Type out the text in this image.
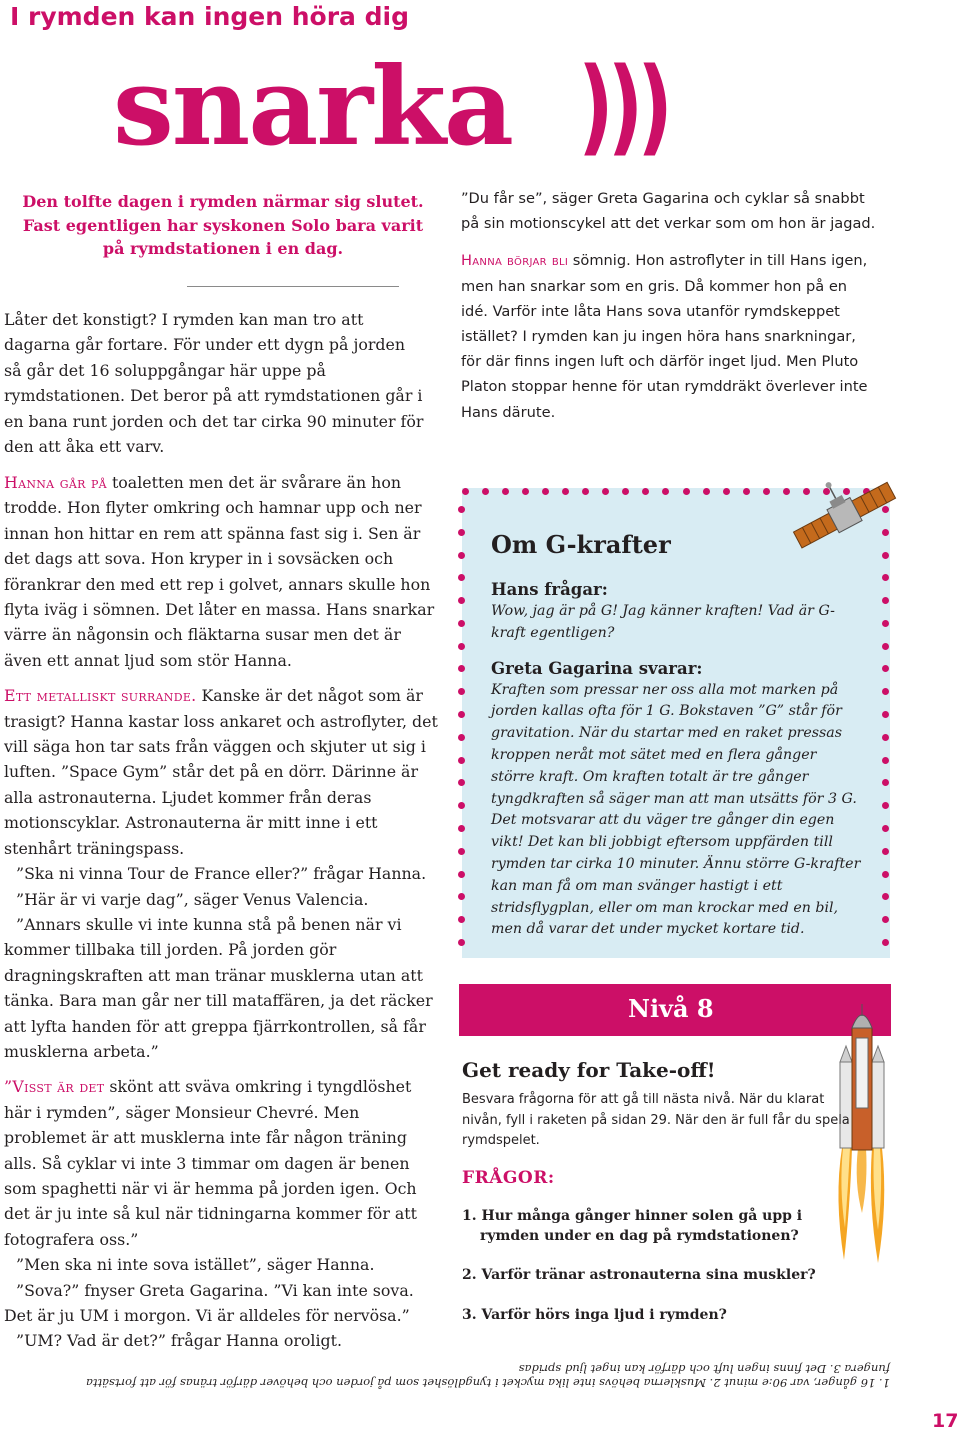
I rymden kan ingen höra dig
snarka )))
Den tolfte dagen i rymden närmar sig slutet. Fast egentligen har syskonen Solo bara varit på rymdstationen i en dag.

Låter det konstigt? I rymden kan man tro att dagarna går fortare. För under ett dygn på jorden så går det 16 soluppgångar här uppe på rymdstationen. Det beror på att rymdstationen går i en bana runt jorden och det tar cirka 90 minuter för den att åka ett varv.

Hanna går på toaletten men det är svårare än hon trodde. Hon flyter omkring och hamnar upp och ner innan hon hittar en rem att spänna fast sig i. Sen är det dags att sova. Hon kryper in i sovsäcken och förankrar den med ett rep i golvet, annars skulle hon flyta iväg i sömnen. Det låter en massa. Hans snarkar värre än någonsin och fläktarna susar men det är även ett annat ljud som stör Hanna.

Ett metalliskt surrande. Kanske är det något som är trasigt? Hanna kastar loss ankaret och astroflyter, det vill säga hon tar sats från väggen och skjuter ut sig i luften. ”Space Gym” står det på en dörr. Därinne är alla astronauterna. Ljudet kommer från deras motionscyklar. Astronauterna är mitt inne i ett stenhårt träningspass.

”Ska ni vinna Tour de France eller?” frågar Hanna.

”Här är vi varje dag”, säger Venus Valencia.

”Annars skulle vi inte kunna stå på benen när vi kommer tillbaka till jorden. På jorden gör dragningskraften att man tränar musklerna utan att tänka. Bara man går ner till mataffären, ja det räcker att lyfta handen för att greppa fjärrkontrollen, så får musklerna arbeta.”

”Visst är det skönt att sväva omkring i tyngdlöshet här i rymden”, säger Monsieur Chevré. Men problemet är att musklerna inte får någon träning alls. Så cyklar vi inte 3 timmar om dagen är benen som spaghetti när vi är hemma på jorden igen. Och det är ju inte så kul när tidningarna kommer för att fotografera oss.”

”Men ska ni inte sova istället”, säger Hanna.

”Sova?” fnyser Greta Gagarina. ”Vi kan inte sova. Det är ju UM i morgon. Vi är alldeles för nervösa.”

”UM? Vad är det?” frågar Hanna oroligt.

”Du får se”, säger Greta Gagarina och cyklar så snabbt på sin motionscykel att det verkar som om hon är jagad.

Hanna börjar bli sömnig. Hon astroflyter in till Hans igen, men han snarkar som en gris. Då kommer hon på en idé. Varför inte låta Hans sova utanför rymdskeppet istället? I rymden kan ju ingen höra hans snarkningar, för där finns ingen luft och därför inget ljud. Men Pluto Platon stoppar henne för utan rymddräkt överlever inte Hans därute.

Om G-krafter
Hans frågar:
Wow, jag är på G! Jag känner kraften! Vad är G-kraft egentligen?
Greta Gagarina svarar:
Kraften som pressar ner oss alla mot marken på jorden kallas ofta för 1 G. Bokstaven ”G” står för gravitation. När du startar med en raket pressas kroppen neråt mot sätet med en flera gånger större kraft. Om kraften totalt är tre gånger tyngdkraften så säger man att man utsätts för 3 G. Det motsvarar att du väger tre gånger din egen vikt! Det kan bli jobbigt eftersom uppfärden till rymden tar cirka 10 minuter. Ännu större G-krafter kan man få om man svänger hastigt i ett stridsflygplan, eller om man krockar med en bil, men då varar det under mycket kortare tid.
Nivå 8
Get ready for Take-off!
Besvara frågorna för att gå till nästa nivå. När du klarat nivån, fyll i raketen på sidan 29. När den är full får du spela rymdspelet.
FRÅGOR:
1. Hur många gånger hinner solen gå upp i rymden under en dag på rymdstationen?
2. Varför tränar astronauterna sina muskler?
3. Varför hörs inga ljud i rymden?
1. 16 gånger, var 90:e minut 2. Musklerna behövs inte lika mycket i tyngdlöshet som på jorden och behöver därför tränas för att fortsätta fungera 3. Det finns ingen luft och därför kan inget ljud spridas
17
